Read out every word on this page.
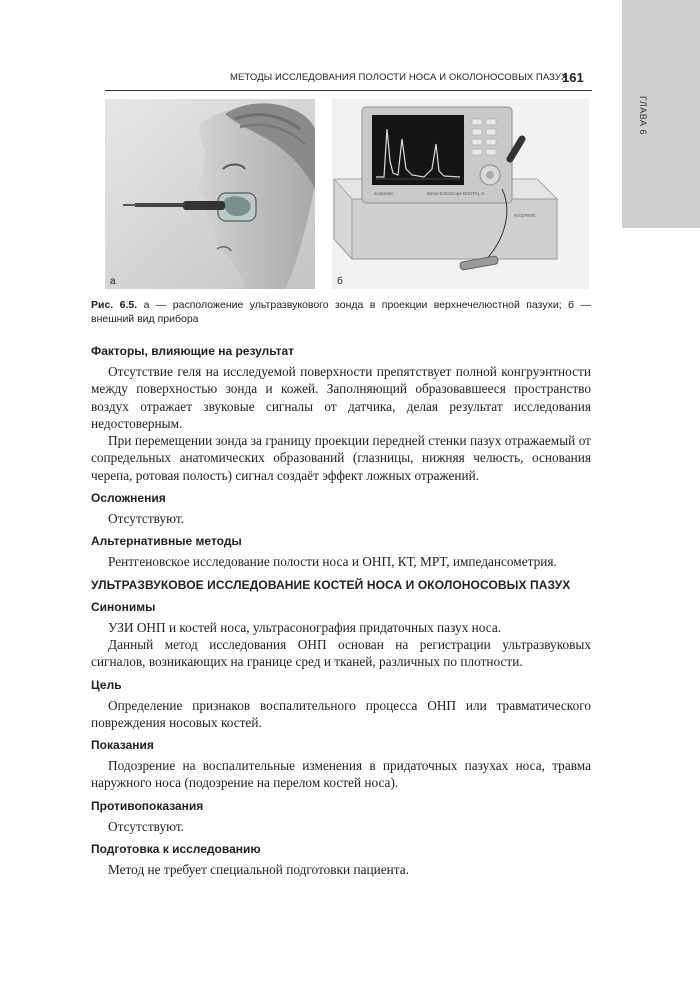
ГЛАВА 6
МЕТОДЫ ИССЛЕДОВАНИЯ ПОЛОСТИ НОСА И ОКОЛОНОСОВЫХ ПАЗУХ
161
а
ecoprenic
ecoprenic	Sinus Echoscope DIGITAL 3
б
Рис. 6.5. а — расположение ультразвукового зонда в проекции верхнечелюстной пазухи; б — внешний вид прибора
Факторы, влияющие на результат

Отсутствие геля на исследуемой поверхности препятствует полной конгруэнтности между поверхностью зонда и кожей. Заполняющий образовавшееся пространство воздух отражает звуковые сигналы от датчика, делая результат исследования недостоверным.

При перемещении зонда за границу проекции передней стенки пазух отражаемый от сопредельных анатомических образований (глазницы, нижняя челюсть, основания черепа, ротовая полость) сигнал создаёт эффект ложных отражений.

Осложнения

Отсутствуют.

Альтернативные методы

Рентгеновское исследование полости носа и ОНП, КТ, МРТ, импедансометрия.

УЛЬТРАЗВУКОВОЕ ИССЛЕДОВАНИЕ КОСТЕЙ НОСА И ОКОЛОНОСОВЫХ ПАЗУХ
Синонимы

УЗИ ОНП и костей носа, ультрасонография придаточных пазух носа.

Данный метод исследования ОНП основан на регистрации ультразвуковых сигналов, возникающих на границе сред и тканей, различных по плотности.

Цель

Определение признаков воспалительного процесса ОНП или травматического повреждения носовых костей.

Показания

Подозрение на воспалительные изменения в придаточных пазухах носа, травма наружного носа (подозрение на перелом костей носа).

Противопоказания

Отсутствуют.

Подготовка к исследованию

Метод не требует специальной подготовки пациента.
